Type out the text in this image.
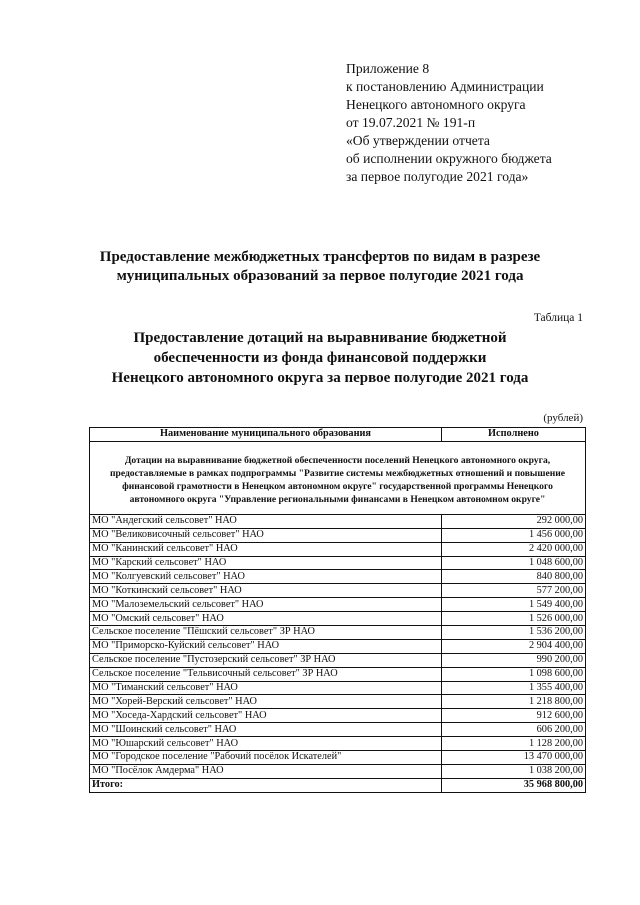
Приложение 8
к постановлению Администрации
Ненецкого автономного округа
от 19.07.2021 № 191-п
«Об утверждении отчета
об исполнении окружного бюджета
за первое полугодие 2021 года»
Предоставление межбюджетных трансфертов по видам в разрезе
муниципальных образований за первое полугодие 2021 года
Таблица 1
Предоставление дотаций на выравнивание бюджетной
обеспеченности из фонда финансовой поддержки
Ненецкого автономного округа за первое полугодие 2021 года
(рублей)
Наименование муниципального образования	Исполнено
Дотации на выравнивание бюджетной обеспеченности поселений Ненецкого автономного округа, предоставляемые в рамках подпрограммы "Развитие системы межбюджетных отношений и повышение финансовой грамотности в Ненецком автономном округе" государственной программы Ненецкого автономного округа "Управление региональными финансами в Ненецком автономном округе"	
МО "Андегский сельсовет" НАО	292 000,00
МО "Великовисочный сельсовет" НАО	1 456 000,00
МО "Канинский сельсовет" НАО	2 420 000,00
МО "Карский сельсовет" НАО	1 048 600,00
МО "Колгуевский сельсовет" НАО	840 800,00
МО "Коткинский сельсовет" НАО	577 200,00
МО "Малоземельский сельсовет" НАО	1 549 400,00
МО "Омский сельсовет" НАО	1 526 000,00
Сельское поселение "Пёшский сельсовет" ЗР НАО	1 536 200,00
МО "Приморско-Куйский сельсовет" НАО	2 904 400,00
Сельское поселение "Пустозерский сельсовет" ЗР НАО	990 200,00
Сельское поселение "Тельвисочный сельсовет" ЗР НАО	1 098 600,00
МО "Тиманский сельсовет" НАО	1 355 400,00
МО "Хорей-Верский сельсовет" НАО	1 218 800,00
МО "Хоседа-Хардский сельсовет" НАО	912 600,00
МО "Шоинский сельсовет" НАО	606 200,00
МО "Юшарский сельсовет" НАО	1 128 200,00
МО "Городское поселение "Рабочий посёлок Искателей"	13 470 000,00
МО "Посёлок Амдерма" НАО	1 038 200,00
Итого:	35 968 800,00
